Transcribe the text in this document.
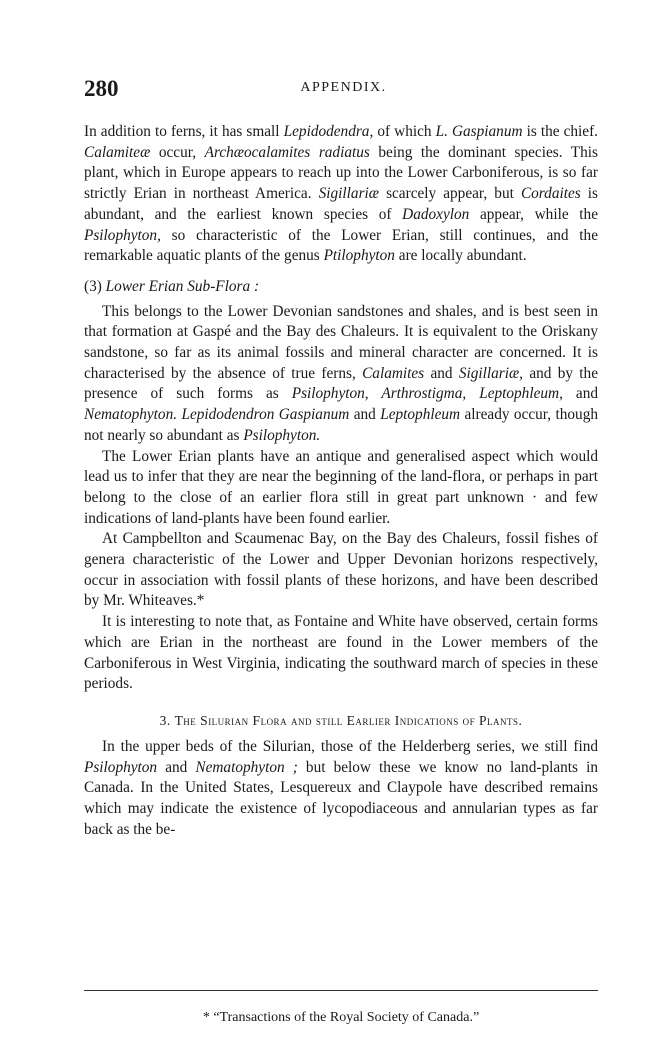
280	APPENDIX.

In addition to ferns, it has small Lepidodendra, of which L. Gaspianum is the chief. Calamiteæ occur, Archæocalamites radiatus being the dominant species. This plant, which in Europe appears to reach up into the Lower Carboniferous, is so far strictly Erian in northeast America. Sigillariæ scarcely appear, but Cordaites is abundant, and the earliest known species of Dadoxylon appear, while the Psilophyton, so characteristic of the Lower Erian, still continues, and the remarkable aquatic plants of the genus Ptilophyton are locally abundant.

(3) Lower Erian Sub-Flora :

This belongs to the Lower Devonian sandstones and shales, and is best seen in that formation at Gaspé and the Bay des Chaleurs. It is equivalent to the Oriskany sandstone, so far as its animal fossils and mineral character are concerned. It is characterised by the absence of true ferns, Calamites and Sigillariæ, and by the presence of such forms as Psilophyton, Arthrostigma, Leptophleum, and Nematophyton. Lepidodendron Gaspianum and Leptophleum already occur, though not nearly so abundant as Psilophyton.

The Lower Erian plants have an antique and generalised aspect which would lead us to infer that they are near the beginning of the land-flora, or perhaps in part belong to the close of an earlier flora still in great part unknown · and few indications of land-plants have been found earlier.

At Campbellton and Scaumenac Bay, on the Bay des Chaleurs, fossil fishes of genera characteristic of the Lower and Upper Devonian horizons respectively, occur in association with fossil plants of these horizons, and have been described by Mr. Whiteaves.*

It is interesting to note that, as Fontaine and White have observed, certain forms which are Erian in the northeast are found in the Lower members of the Carboniferous in West Virginia, indicating the southward march of species in these periods.

3. The Silurian Flora and still Earlier Indications of Plants.

In the upper beds of the Silurian, those of the Helderberg series, we still find Psilophyton and Nematophyton ; but below these we know no land-plants in Canada. In the United States, Lesquereux and Claypole have described remains which may indicate the existence of lycopodiaceous and annularian types as far back as the be-

* “Transactions of the Royal Society of Canada.”
